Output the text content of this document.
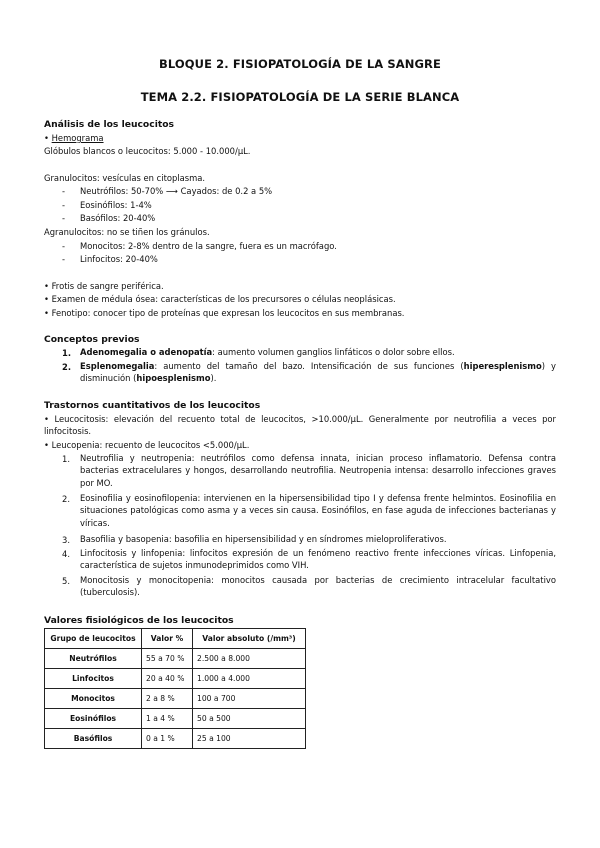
BLOQUE 2. FISIOPATOLOGÍA DE LA SANGRE
TEMA 2.2. FISIOPATOLOGÍA DE LA SERIE BLANCA
Análisis de los leucocitos
• Hemograma
Glóbulos blancos o leucocitos: 5.000 - 10.000/µL.
Granulocitos: vesículas en citoplasma.
- Neutrófilos: 50-70% ⟶ Cayados: de 0.2 a 5%
- Eosinófilos: 1-4%
- Basófilos: 20-40%
Agranulocitos: no se tiñen los gránulos.
- Monocitos: 2-8% dentro de la sangre, fuera es un macrófago.
- Linfocitos: 20-40%
• Frotis de sangre periférica.
• Examen de médula ósea: características de los precursores o células neoplásicas.
• Fenotipo: conocer tipo de proteínas que expresan los leucocitos en sus membranas.
Conceptos previos
1. Adenomegalia o adenopatía: aumento volumen ganglios linfáticos o dolor sobre ellos.
2. Esplenomegalia: aumento del tamaño del bazo. Intensificación de sus funciones (hiperesplenismo) y disminución (hipoesplenismo).
Trastornos cuantitativos de los leucocitos
• Leucocitosis: elevación del recuento total de leucocitos, >10.000/µL. Generalmente por neutrofilia a veces por linfocitosis.
• Leucopenia: recuento de leucocitos <5.000/µL.
1. Neutrofilia y neutropenia: neutrófilos como defensa innata, inician proceso inflamatorio. Defensa contra bacterias extracelulares y hongos, desarrollando neutrofilia. Neutropenia intensa: desarrollo infecciones graves por MO.
2. Eosinofilia y eosinofilopenia: intervienen en la hipersensibilidad tipo I y defensa frente helmintos. Eosinofilia en situaciones patológicas como asma y a veces sin causa. Eosinófilos, en fase aguda de infecciones bacterianas y víricas.
3. Basofilia y basopenia: basofilia en hipersensibilidad y en síndromes mieloproliferativos.
4. Linfocitosis y linfopenia: linfocitos expresión de un fenómeno reactivo frente infecciones víricas. Linfopenia, característica de sujetos inmunodeprimidos como VIH.
5. Monocitosis y monocitopenia: monocitos causada por bacterias de crecimiento intracelular facultativo (tuberculosis).
Valores fisiológicos de los leucocitos
Grupo de leucocitos	Valor %	Valor absoluto (/mm³)
Neutrófilos	55 a 70 %	2.500 a 8.000
Linfocitos	20 a 40 %	1.000 a 4.000
Monocitos	2 a 8 %	100 a 700
Eosinófilos	1 a 4 %	50 a 500
Basófilos	0 a 1 %	25 a 100
